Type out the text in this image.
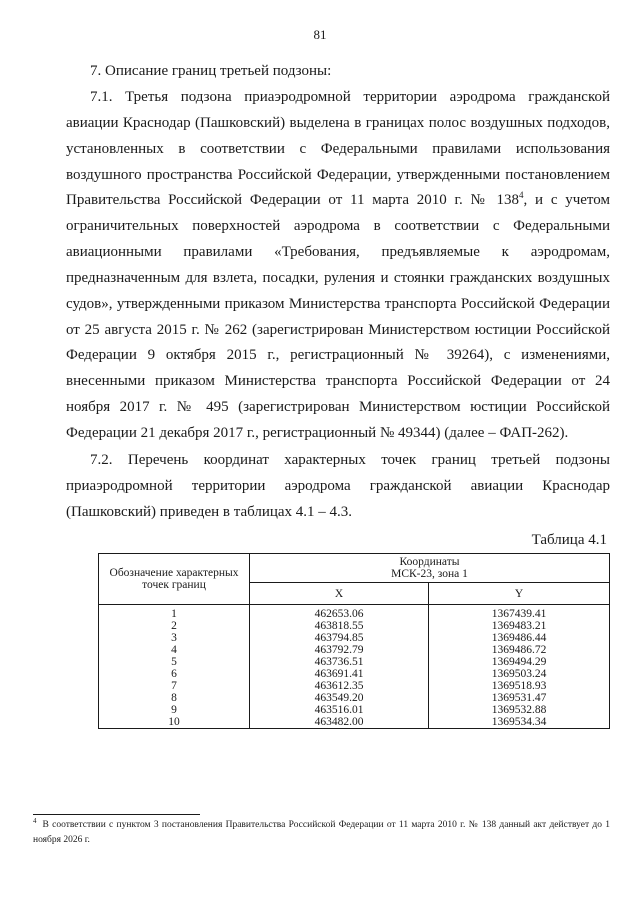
81
7. Описание границ третьей подзоны:

7.1. Третья подзона приаэродромной территории аэродрома гражданской авиации Краснодар (Пашковский) выделена в границах полос воздушных подходов, установленных в соответствии с Федеральными правилами использования воздушного пространства Российской Федерации, утвержденными постановлением Правительства Российской Федерации от 11 марта 2010 г. № $138^4$, и с учетом ограничительных поверхностей аэродрома в соответствии с Федеральными авиационными правилами «Требования, предъявляемые к аэродромам, предназначенным для взлета, посадки, руления и стоянки гражданских воздушных судов», утвержденными приказом Министерства транспорта Российской Федерации от 25 августа 2015 г. № 262 (зарегистрирован Министерством юстиции Российской Федерации 9 октября 2015 г., регистрационный № 39264), с изменениями, внесенными приказом Министерства транспорта Российской Федерации от 24 ноября 2017 г. № 495 (зарегистрирован Министерством юстиции Российской Федерации 21 декабря 2017 г., регистрационный № 49344) (далее – ФАП-262).

7.2. Перечень координат характерных точек границ третьей подзоны приаэродромной территории аэродрома гражданской авиации Краснодар (Пашковский) приведен в таблицах 4.1 – 4.3.

Таблица 4.1
Обозначение характерных точек границ	Координаты
МСК-23, зона 1	

	X	Y
1	462653.06	1367439.41
2	463818.55	1369483.21
3	463794.85	1369486.44
4	463792.79	1369486.72
5	463736.51	1369494.29
6	463691.41	1369503.24
7	463612.35	1369518.93
8	463549.20	1369531.47
9	463516.01	1369532.88
10	463482.00	1369534.34

$^4$ В соответствии с пунктом 3 постановления Правительства Российской Федерации от 11 марта 2010 г. № 138 данный акт действует до 1 ноября 2026 г.
